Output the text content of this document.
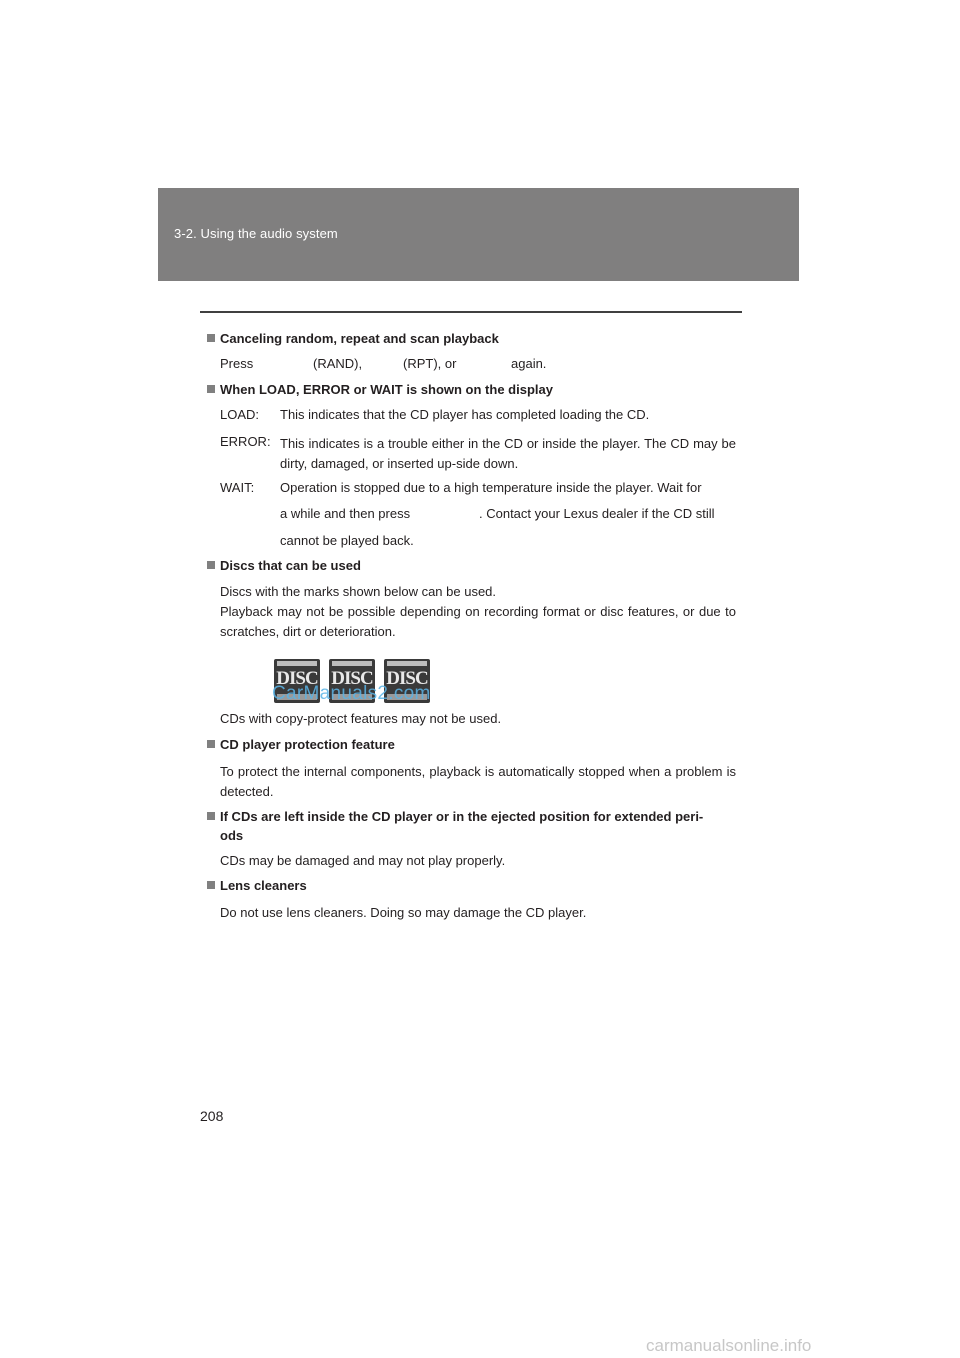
3-2. Using the audio system
Canceling random, repeat and scan playback
Press	(RAND),	(RPT), or	again.
When LOAD, ERROR or WAIT is shown on the display
LOAD: This indicates that the CD player has completed loading the CD.
ERROR: This indicates is a trouble either in the CD or inside the player. The CD may be dirty, damaged, or inserted up-side down.
WAIT: Operation is stopped due to a high temperature inside the player. Wait for
a while and then press	. Contact your Lexus dealer if the CD still
cannot be played back.
Discs that can be used
Discs with the marks shown below can be used.
Playback may not be possible depending on recording format or disc features, or due to scratches, dirt or deterioration.
DISC DISC DISC
CarManuals2.com
CDs with copy-protect features may not be used.
CD player protection feature
To protect the internal components, playback is automatically stopped when a problem is detected.
If CDs are left inside the CD player or in the ejected position for extended peri-
ods
CDs may be damaged and may not play properly.
Lens cleaners
Do not use lens cleaners. Doing so may damage the CD player.
208
carmanualsonline.info
